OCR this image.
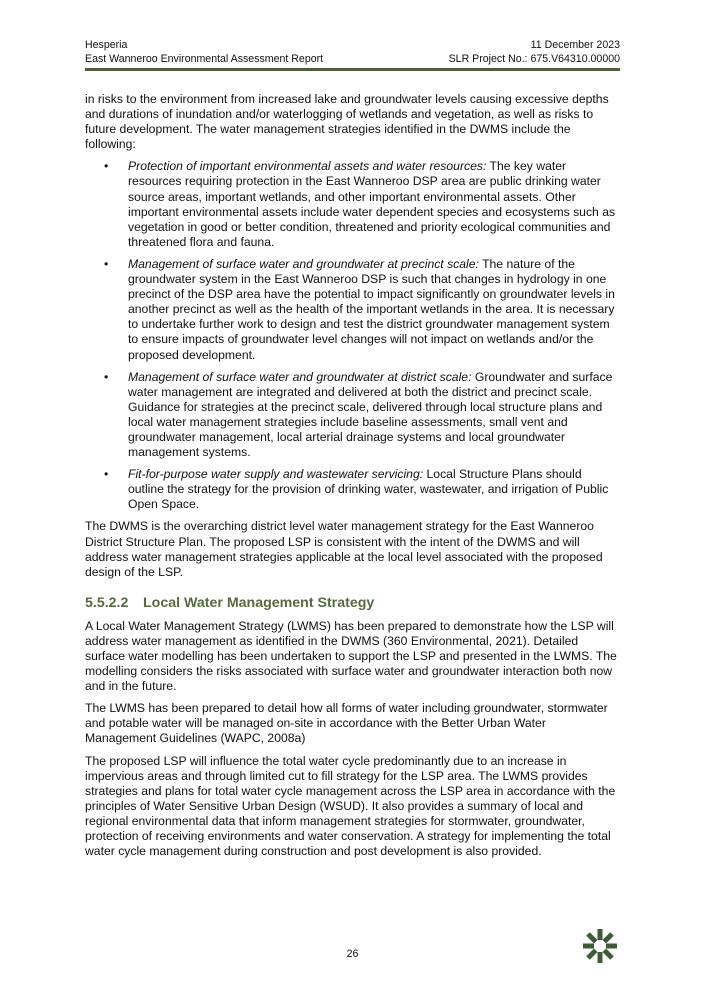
Hesperia	11 December 2023
East Wanneroo Environmental Assessment Report	SLR Project No.: 675.V64310.00000

in risks to the environment from increased lake and groundwater levels causing excessive depths and durations of inundation and/or waterlogging of wetlands and vegetation, as well as risks to future development. The water management strategies identified in the DWMS include the following:

• Protection of important environmental assets and water resources: The key water resources requiring protection in the East Wanneroo DSP area are public drinking water source areas, important wetlands, and other important environmental assets. Other important environmental assets include water dependent species and ecosystems such as vegetation in good or better condition, threatened and priority ecological communities and threatened flora and fauna.
• Management of surface water and groundwater at precinct scale: The nature of the groundwater system in the East Wanneroo DSP is such that changes in hydrology in one precinct of the DSP area have the potential to impact significantly on groundwater levels in another precinct as well as the health of the important wetlands in the area. It is necessary to undertake further work to design and test the district groundwater management system to ensure impacts of groundwater level changes will not impact on wetlands and/or the proposed development.
• Management of surface water and groundwater at district scale: Groundwater and surface water management are integrated and delivered at both the district and precinct scale. Guidance for strategies at the precinct scale, delivered through local structure plans and local water management strategies include baseline assessments, small vent and groundwater management, local arterial drainage systems and local groundwater management systems.
• Fit-for-purpose water supply and wastewater servicing: Local Structure Plans should outline the strategy for the provision of drinking water, wastewater, and irrigation of Public Open Space.

The DWMS is the overarching district level water management strategy for the East Wanneroo District Structure Plan. The proposed LSP is consistent with the intent of the DWMS and will address water management strategies applicable at the local level associated with the proposed design of the LSP.

5.5.2.2 Local Water Management Strategy

A Local Water Management Strategy (LWMS) has been prepared to demonstrate how the LSP will address water management as identified in the DWMS (360 Environmental, 2021). Detailed surface water modelling has been undertaken to support the LSP and presented in the LWMS. The modelling considers the risks associated with surface water and groundwater interaction both now and in the future.

The LWMS has been prepared to detail how all forms of water including groundwater, stormwater and potable water will be managed on-site in accordance with the Better Urban Water Management Guidelines (WAPC, 2008a)

The proposed LSP will influence the total water cycle predominantly due to an increase in impervious areas and through limited cut to fill strategy for the LSP area. The LWMS provides strategies and plans for total water cycle management across the LSP area in accordance with the principles of Water Sensitive Urban Design (WSUD). It also provides a summary of local and regional environmental data that inform management strategies for stormwater, groundwater, protection of receiving environments and water conservation. A strategy for implementing the total water cycle management during construction and post development is also provided.

26
